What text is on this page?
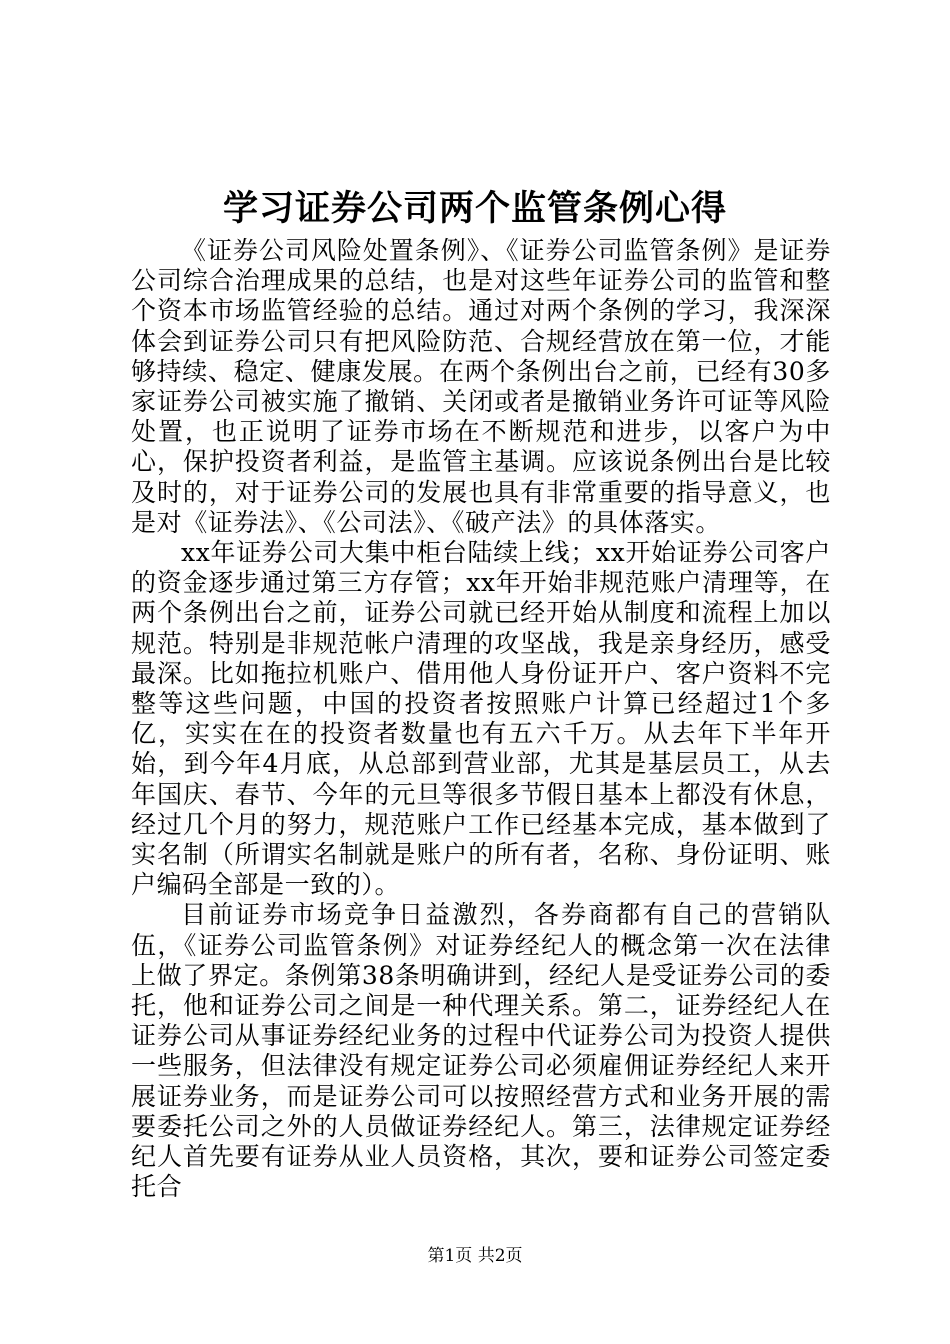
学习证券公司两个监管条例心得

《证券公司风险处置条例》、《证券公司监管条例》是证券公司综合治理成果的总结，也是对这些年证券公司的监管和整个资本市场监管经验的总结。通过对两个条例的学习，我深深体会到证券公司只有把风险防范、合规经营放在第一位，才能够持续、稳定、健康发展。在两个条例出台之前，已经有30多家证券公司被实施了撤销、关闭或者是撤销业务许可证等风险处置，也正说明了证券市场在不断规范和进步，以客户为中心，保护投资者利益，是监管主基调。应该说条例出台是比较及时的，对于证券公司的发展也具有非常重要的指导意义，也是对《证券法》、《公司法》、《破产法》的具体落实。

xx年证券公司大集中柜台陆续上线；xx开始证券公司客户的资金逐步通过第三方存管；xx年开始非规范账户清理等，在两个条例出台之前，证券公司就已经开始从制度和流程上加以规范。特别是非规范帐户清理的攻坚战，我是亲身经历，感受最深。比如拖拉机账户、借用他人身份证开户、客户资料不完整等这些问题，中国的投资者按照账户计算已经超过1个多亿，实实在在的投资者数量也有五六千万。从去年下半年开始，到今年4月底，从总部到营业部，尤其是基层员工，从去年国庆、春节、今年的元旦等很多节假日基本上都没有休息，经过几个月的努力，规范账户工作已经基本完成，基本做到了实名制（所谓实名制就是账户的所有者，名称、身份证明、账户编码全部是一致的）。

目前证券市场竞争日益激烈，各券商都有自己的营销队伍，《证券公司监管条例》对证券经纪人的概念第一次在法律上做了界定。条例第38条明确讲到，经纪人是受证券公司的委托，他和证券公司之间是一种代理关系。第二，证券经纪人在证券公司从事证券经纪业务的过程中代证券公司为投资人提供一些服务，但法律没有规定证券公司必须雇佣证券经纪人来开展证券业务，而是证券公司可以按照经营方式和业务开展的需要委托公司之外的人员做证券经纪人。第三，法律规定证券经纪人首先要有证券从业人员资格，其次，要和证券公司签定委托合

第1页 共2页
